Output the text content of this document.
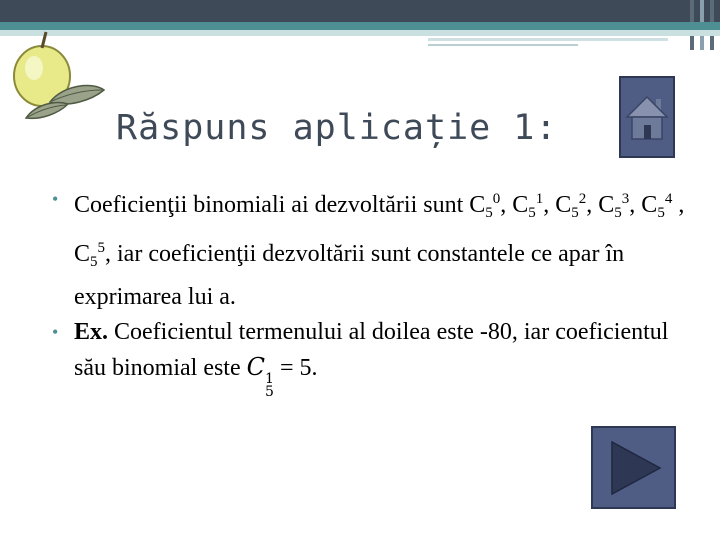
Răspuns aplicație 1:
• Coeficienţii binomiali ai dezvoltării sunt $C_5^0$, $C_5^1$, $C_5^2$, $C_5^3$, $C_5^4$ , $C_5^5$, iar coeficienţii dezvoltării sunt constantele ce apar în exprimarea lui a.
• Ex. Coeficientul termenului al doilea este -80, iar coeficientul său binomial este C 1
5
= 5.
